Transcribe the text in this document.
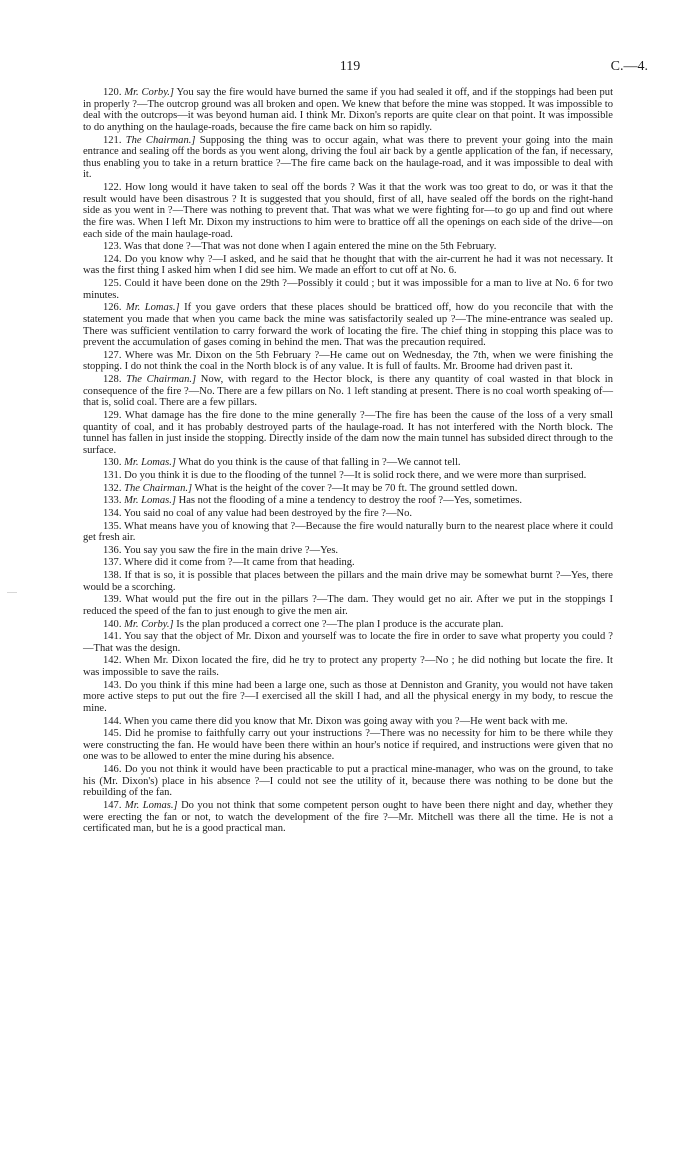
119	C.—4.

120. Mr. Corby.] You say the fire would have burned the same if you had sealed it off, and if the stoppings had been put in properly ?—The outcrop ground was all broken and open. We knew that before the mine was stopped. It was impossible to deal with the outcrops—it was beyond human aid. I think Mr. Dixon's reports are quite clear on that point. It was impossible to do anything on the haulage-roads, because the fire came back on him so rapidly.

121. The Chairman.] Supposing the thing was to occur again, what was there to prevent your going into the main entrance and sealing off the bords as you went along, driving the foul air back by a gentle application of the fan, if necessary, thus enabling you to take in a return brattice ?—The fire came back on the haulage-road, and it was impossible to deal with it.

122. How long would it have taken to seal off the bords ? Was it that the work was too great to do, or was it that the result would have been disastrous ? It is suggested that you should, first of all, have sealed off the bords on the right-hand side as you went in ?—There was nothing to prevent that. That was what we were fighting for—to go up and find out where the fire was. When I left Mr. Dixon my instructions to him were to brattice off all the openings on each side of the drive—on each side of the main haulage-road.

123. Was that done ?—That was not done when I again entered the mine on the 5th February.

124. Do you know why ?—I asked, and he said that he thought that with the air-current he had it was not necessary. It was the first thing I asked him when I did see him. We made an effort to cut off at No. 6.

125. Could it have been done on the 29th ?—Possibly it could ; but it was impossible for a man to live at No. 6 for two minutes.

126. Mr. Lomas.] If you gave orders that these places should be bratticed off, how do you reconcile that with the statement you made that when you came back the mine was satisfactorily sealed up ?—The mine-entrance was sealed up. There was sufficient ventilation to carry forward the work of locating the fire. The chief thing in stopping this place was to prevent the accumulation of gases coming in behind the men. That was the precaution required.

127. Where was Mr. Dixon on the 5th February ?—He came out on Wednesday, the 7th, when we were finishing the stopping. I do not think the coal in the North block is of any value. It is full of faults. Mr. Broome had driven past it.

128. The Chairman.] Now, with regard to the Hector block, is there any quantity of coal wasted in that block in consequence of the fire ?—No. There are a few pillars on No. 1 left standing at present. There is no coal worth speaking of—that is, solid coal. There are a few pillars.

129. What damage has the fire done to the mine generally ?—The fire has been the cause of the loss of a very small quantity of coal, and it has probably destroyed parts of the haulage-road. It has not interfered with the North block. The tunnel has fallen in just inside the stopping. Directly inside of the dam now the main tunnel has subsided direct through to the surface.

130. Mr. Lomas.] What do you think is the cause of that falling in ?—We cannot tell.

131. Do you think it is due to the flooding of the tunnel ?—It is solid rock there, and we were more than surprised.

132. The Chairman.] What is the height of the cover ?—It may be 70 ft. The ground settled down.

133. Mr. Lomas.] Has not the flooding of a mine a tendency to destroy the roof ?—Yes, sometimes.

134. You said no coal of any value had been destroyed by the fire ?—No.

135. What means have you of knowing that ?—Because the fire would naturally burn to the nearest place where it could get fresh air.

136. You say you saw the fire in the main drive ?—Yes.

137. Where did it come from ?—It came from that heading.

138. If that is so, it is possible that places between the pillars and the main drive may be somewhat burnt ?—Yes, there would be a scorching.

139. What would put the fire out in the pillars ?—The dam. They would get no air. After we put in the stoppings I reduced the speed of the fan to just enough to give the men air.

140. Mr. Corby.] Is the plan produced a correct one ?—The plan I produce is the accurate plan.

141. You say that the object of Mr. Dixon and yourself was to locate the fire in order to save what property you could ?—That was the design.

142. When Mr. Dixon located the fire, did he try to protect any property ?—No ; he did nothing but locate the fire. It was impossible to save the rails.

143. Do you think if this mine had been a large one, such as those at Denniston and Granity, you would not have taken more active steps to put out the fire ?—I exercised all the skill I had, and all the physical energy in my body, to rescue the mine.

144. When you came there did you know that Mr. Dixon was going away with you ?—He went back with me.

145. Did he promise to faithfully carry out your instructions ?—There was no necessity for him to be there while they were constructing the fan. He would have been there within an hour's notice if required, and instructions were given that no one was to be allowed to enter the mine during his absence.

146. Do you not think it would have been practicable to put a practical mine-manager, who was on the ground, to take his (Mr. Dixon's) place in his absence ?—I could not see the utility of it, because there was nothing to be done but the rebuilding of the fan.

147. Mr. Lomas.] Do you not think that some competent person ought to have been there night and day, whether they were erecting the fan or not, to watch the development of the fire ?—Mr. Mitchell was there all the time. He is not a certificated man, but he is a good practical man.
